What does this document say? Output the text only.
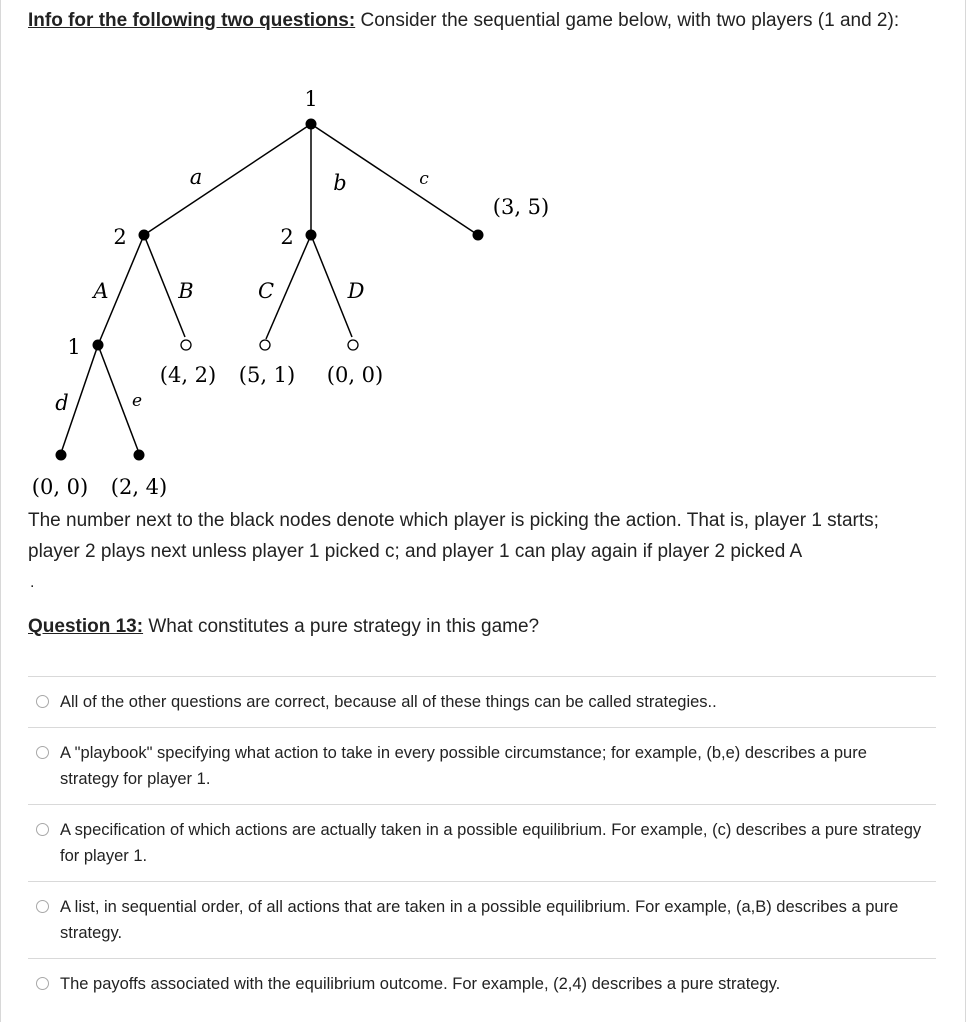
Info for the following two questions: Consider the sequential game below, with two players (1 and 2):
1
a	b	c
(3, 5)
2	2
A	B	C	D
1
(4, 2) (5, 1) (0, 0)
d	e
(0, 0) (2, 4)
The number next to the black nodes denote which player is picking the action. That is, player 1 starts; player 2 plays next unless player 1 picked c; and player 1 can play again if player 2 picked A
.
Question 13: What constitutes a pure strategy in this game?
All of the other questions are correct, because all of these things can be called strategies..
A "playbook" specifying what action to take in every possible circumstance; for example, (b,e) describes a pure strategy for player 1.
A specification of which actions are actually taken in a possible equilibrium. For example, (c) describes a pure strategy for player 1.
A list, in sequential order, of all actions that are taken in a possible equilibrium. For example, (a,B) describes a pure strategy.
The payoffs associated with the equilibrium outcome. For example, (2,4) describes a pure strategy.
